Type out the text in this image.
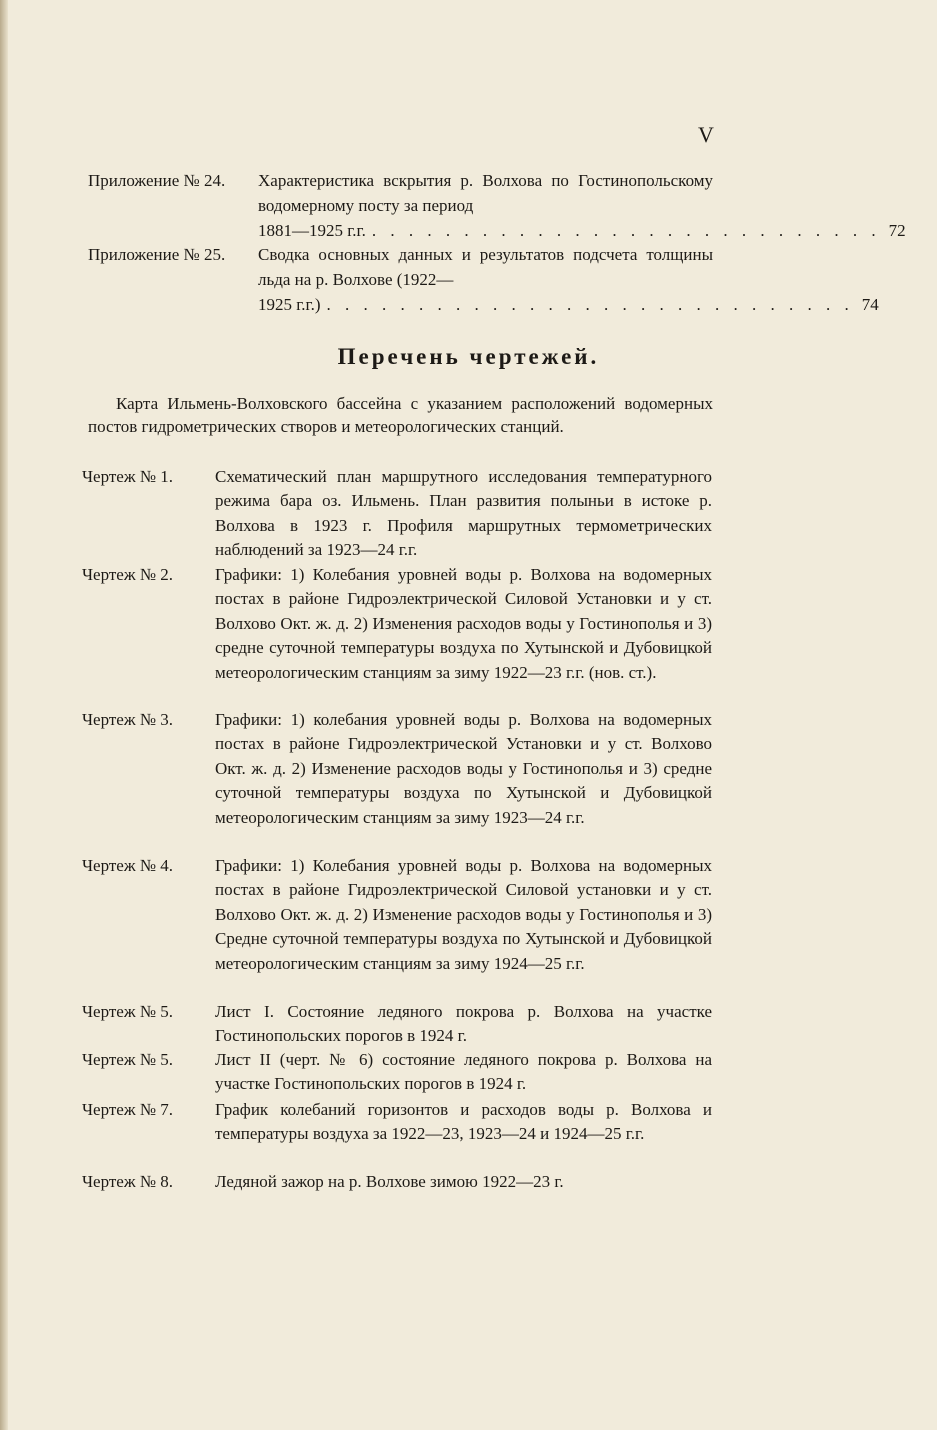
V
Приложение № 24. Характеристика вскрытия р. Волхова по Гостинопольскому водомерному посту за период
1881—1925 г.г. . . . . . . . . . . . . . . . . . . . . . . . . . . . . 72
Приложение № 25. Сводка основных данных и результатов подсчета толщины льда на р. Волхове (1922—
1925 г.г.) . . . . . . . . . . . . . . . . . . . . . . . . . . . . . 74
Перечень чертежей.
Карта Ильмень-Волховского бассейна с указанием расположений водомерных постов гидрометрических створов и метеорологических станций.
Чертеж № 1. Схематический план маршрутного исследования температурного режима бара оз. Ильмень. План развития полыньи в истоке р. Волхова в 1923 г. Профиля маршрутных термометрических наблюдений за 1923—24 г.г.
Чертеж № 2. Графики: 1) Колебания уровней воды р. Волхова на водомерных постах в районе Гидроэлектрической Силовой Установки и у ст. Волхово Окт. ж. д. 2) Изменения расходов воды у Гостинополья и 3) средне суточной температуры воздуха по Хутынской и Дубовицкой метеорологическим станциям за зиму 1922—23 г.г. (нов. ст.).
Чертеж № 3. Графики: 1) колебания уровней воды р. Волхова на водомерных постах в районе Гидроэлектрической Установки и у ст. Волхово Окт. ж. д. 2) Изменение расходов воды у Гостинополья и 3) средне суточной температуры воздуха по Хутынской и Дубовицкой метеорологическим станциям за зиму 1923—24 г.г.
Чертеж № 4. Графики: 1) Колебания уровней воды р. Волхова на водомерных постах в районе Гидроэлектрической Силовой установки и у ст. Волхово Окт. ж. д. 2) Изменение расходов воды у Гостинополья и 3) Средне суточной температуры воздуха по Хутынской и Дубовицкой метеорологическим станциям за зиму 1924—25 г.г.
Чертеж № 5. Лист I. Состояние ледяного покрова р. Волхова на участке Гостинопольских порогов в 1924 г.
Чертеж № 5. Лист II (черт. № 6) состояние ледяного покрова р. Волхова на участке Гостинопольских порогов в 1924 г.
Чертеж № 7. График колебаний горизонтов и расходов воды р. Волхова и температуры воздуха за 1922—23, 1923—24 и 1924—25 г.г.
Чертеж № 8. Ледяной зажор на р. Волхове зимою 1922—23 г.
